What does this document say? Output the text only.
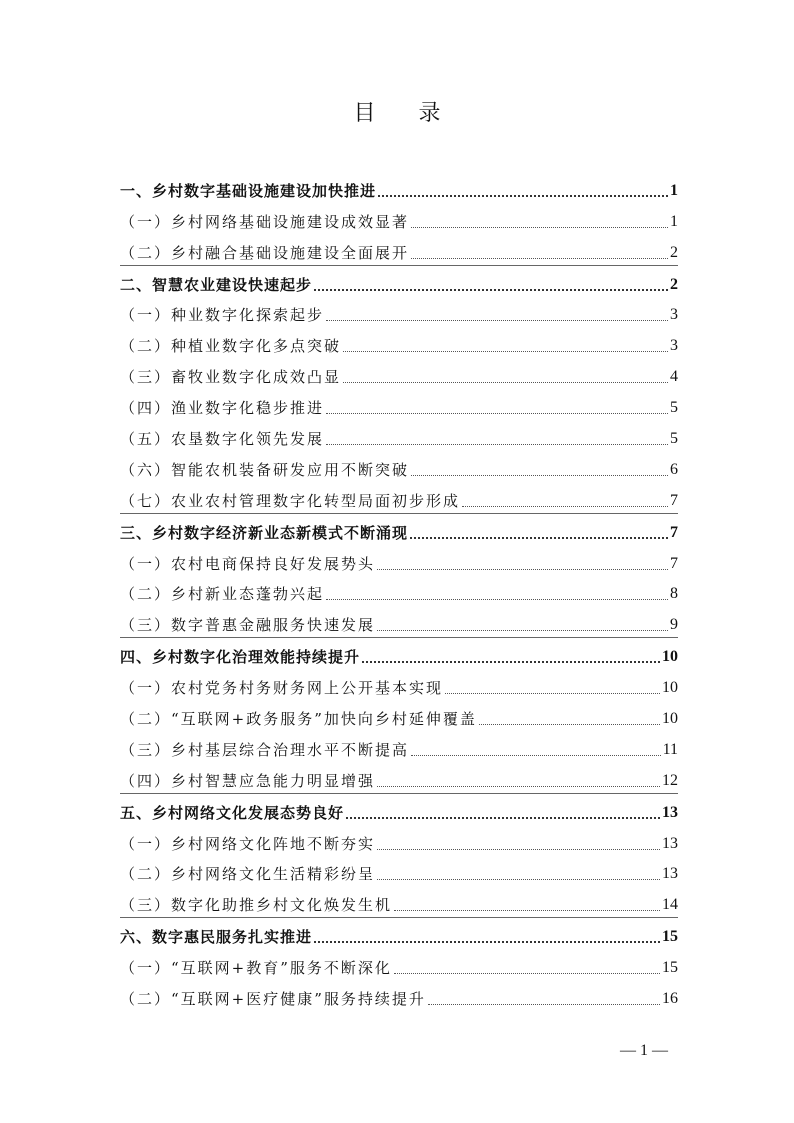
目 录
一、乡村数字基础设施建设加快推进	1
（一）乡村网络基础设施建设成效显著	1
（二）乡村融合基础设施建设全面展开	2
二、智慧农业建设快速起步	2
（一）种业数字化探索起步	3
（二）种植业数字化多点突破	3
（三）畜牧业数字化成效凸显	4
（四）渔业数字化稳步推进	5
（五）农垦数字化领先发展	5
（六）智能农机装备研发应用不断突破	6
（七）农业农村管理数字化转型局面初步形成	7
三、乡村数字经济新业态新模式不断涌现	7
（一）农村电商保持良好发展势头	7
（二）乡村新业态蓬勃兴起	8
（三）数字普惠金融服务快速发展	9
四、乡村数字化治理效能持续提升	10
（一）农村党务村务财务网上公开基本实现	10
（二）“互联网+政务服务”加快向乡村延伸覆盖	10
（三）乡村基层综合治理水平不断提高	11
（四）乡村智慧应急能力明显增强	12
五、乡村网络文化发展态势良好	13
（一）乡村网络文化阵地不断夯实	13
（二）乡村网络文化生活精彩纷呈	13
（三）数字化助推乡村文化焕发生机	14
六、数字惠民服务扎实推进	15
（一）“互联网+教育”服务不断深化	15
（二）“互联网+医疗健康”服务持续提升	16
— 1 —
